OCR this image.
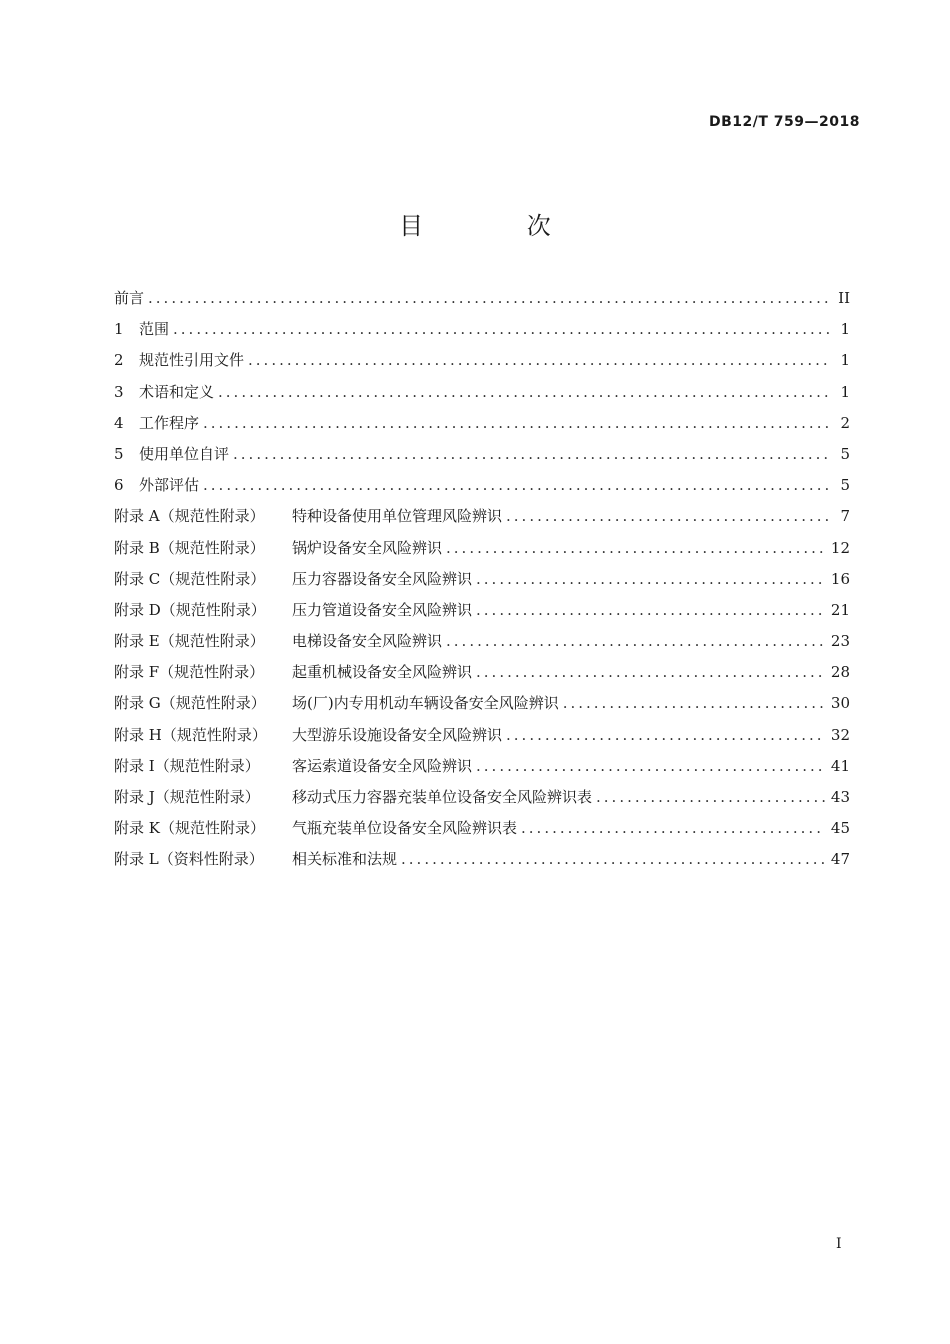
DB12/T 759—2018
目 次
前言 .....	II
1	范围 .....	1
2	规范性引用文件 .....	1
3	术语和定义 .....	1
4	工作程序 .....	2
5	使用单位自评 .....	5
6	外部评估 .....	5
附录 A（规范性附录）	特种设备使用单位管理风险辨识 .....	7
附录 B（规范性附录）	锅炉设备安全风险辨识 .....	12
附录 C（规范性附录）	压力容器设备安全风险辨识 .....	16
附录 D（规范性附录）	压力管道设备安全风险辨识 .....	21
附录 E（规范性附录）	电梯设备安全风险辨识 .....	23
附录 F（规范性附录）	起重机械设备安全风险辨识 .....	28
附录 G（规范性附录）	场(厂)内专用机动车辆设备安全风险辨识 .....	30
附录 H（规范性附录）	大型游乐设施设备安全风险辨识 .....	32
附录 I（规范性附录）	客运索道设备安全风险辨识 .....	41
附录 J（规范性附录）	移动式压力容器充装单位设备安全风险辨识表 .....	43
附录 K（规范性附录）	气瓶充装单位设备安全风险辨识表 .....	45
附录 L（资料性附录）	相关标准和法规 .....	47
I
